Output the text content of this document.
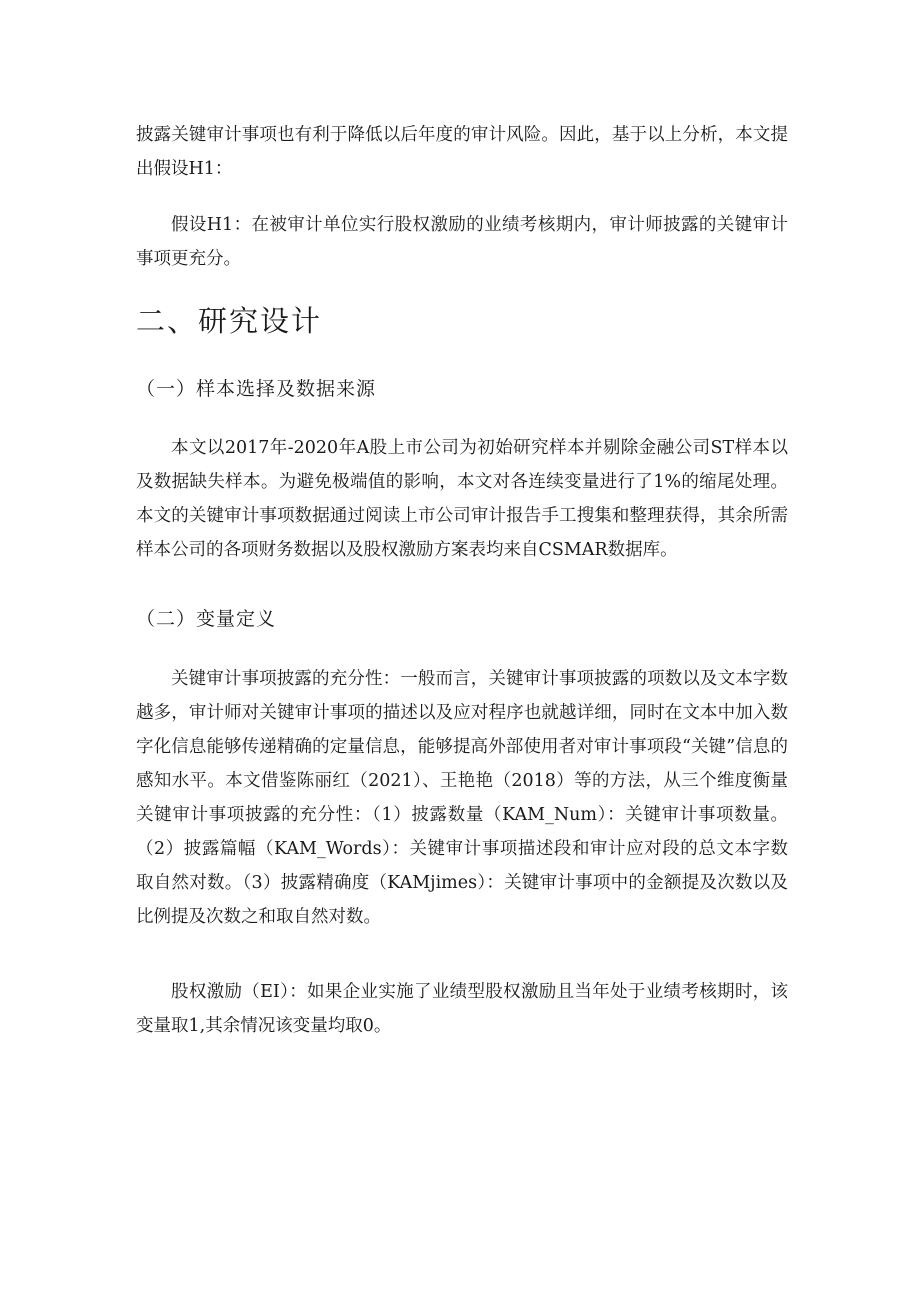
披露关键审计事项也有利于降低以后年度的审计风险。因此，基于以上分析，本文提出假设H1：

假设H1：在被审计单位实行股权激励的业绩考核期内，审计师披露的关键审计事项更充分。

二、研究设计
（一）样本选择及数据来源

本文以2017年-2020年A股上市公司为初始研究样本并剔除金融公司ST样本以及数据缺失样本。为避免极端值的影响，本文对各连续变量进行了1%的缩尾处理。本文的关键审计事项数据通过阅读上市公司审计报告手工搜集和整理获得，其余所需样本公司的各项财务数据以及股权激励方案表均来自CSMAR数据库。

（二）变量定义

关键审计事项披露的充分性：一般而言，关键审计事项披露的项数以及文本字数越多，审计师对关键审计事项的描述以及应对程序也就越详细，同时在文本中加入数字化信息能够传递精确的定量信息，能够提高外部使用者对审计事项段“关键”信息的感知水平。本文借鉴陈丽红（2021）、王艳艳（2018）等的方法，从三个维度衡量关键审计事项披露的充分性：（1）披露数量（KAM_Num）：关键审计事项数量。（2）披露篇幅（KAM_Words）：关键审计事项描述段和审计应对段的总文本字数取自然对数。（3）披露精确度（KAMjimes）：关键审计事项中的金额提及次数以及比例提及次数之和取自然对数。

股权激励（EI）：如果企业实施了业绩型股权激励且当年处于业绩考核期时，该变量取1,其余情况该变量均取0。
